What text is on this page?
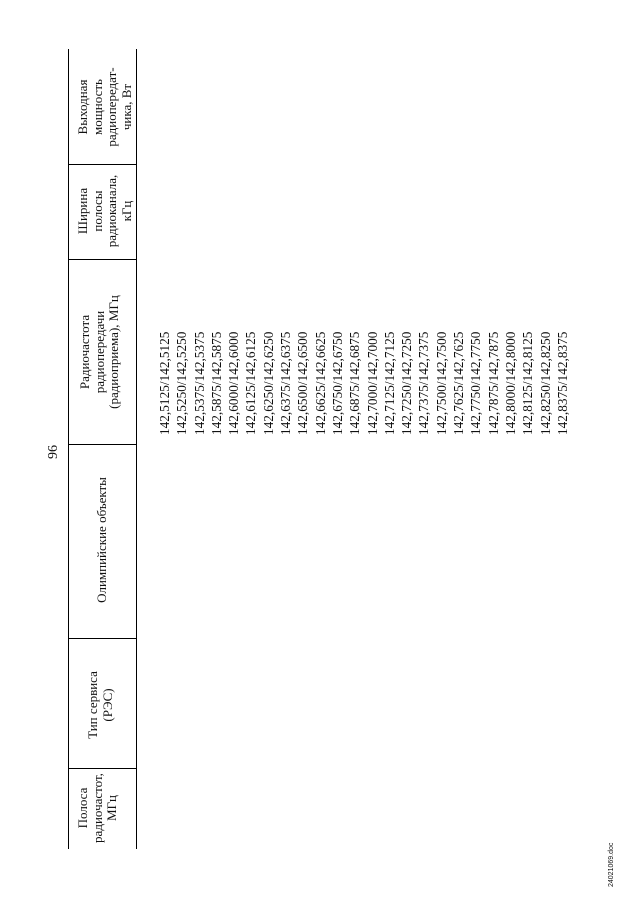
96
Полоса радиочастот, МГц
Тип сервиса (РЭС)
Олимпийские объекты
Радиочастота радиопередачи (радиоприема), МГц
Ширина полосы радиоканала, кГц
Выходная мощность радиопередат-чика, Вт
142,5125/142,5125 142,5250/142,5250 142,5375/142,5375 142,5875/142,5875 142,6000/142,6000 142,6125/142,6125 142,6250/142,6250 142,6375/142,6375 142,6500/142,6500 142,6625/142,6625 142,6750/142,6750 142,6875/142,6875 142,7000/142,7000 142,7125/142,7125 142,7250/142,7250 142,7375/142,7375 142,7500/142,7500 142,7625/142,7625 142,7750/142,7750 142,7875/142,7875 142,8000/142,8000 142,8125/142,8125 142,8250/142,8250 142,8375/142,8375
24021069.doc
